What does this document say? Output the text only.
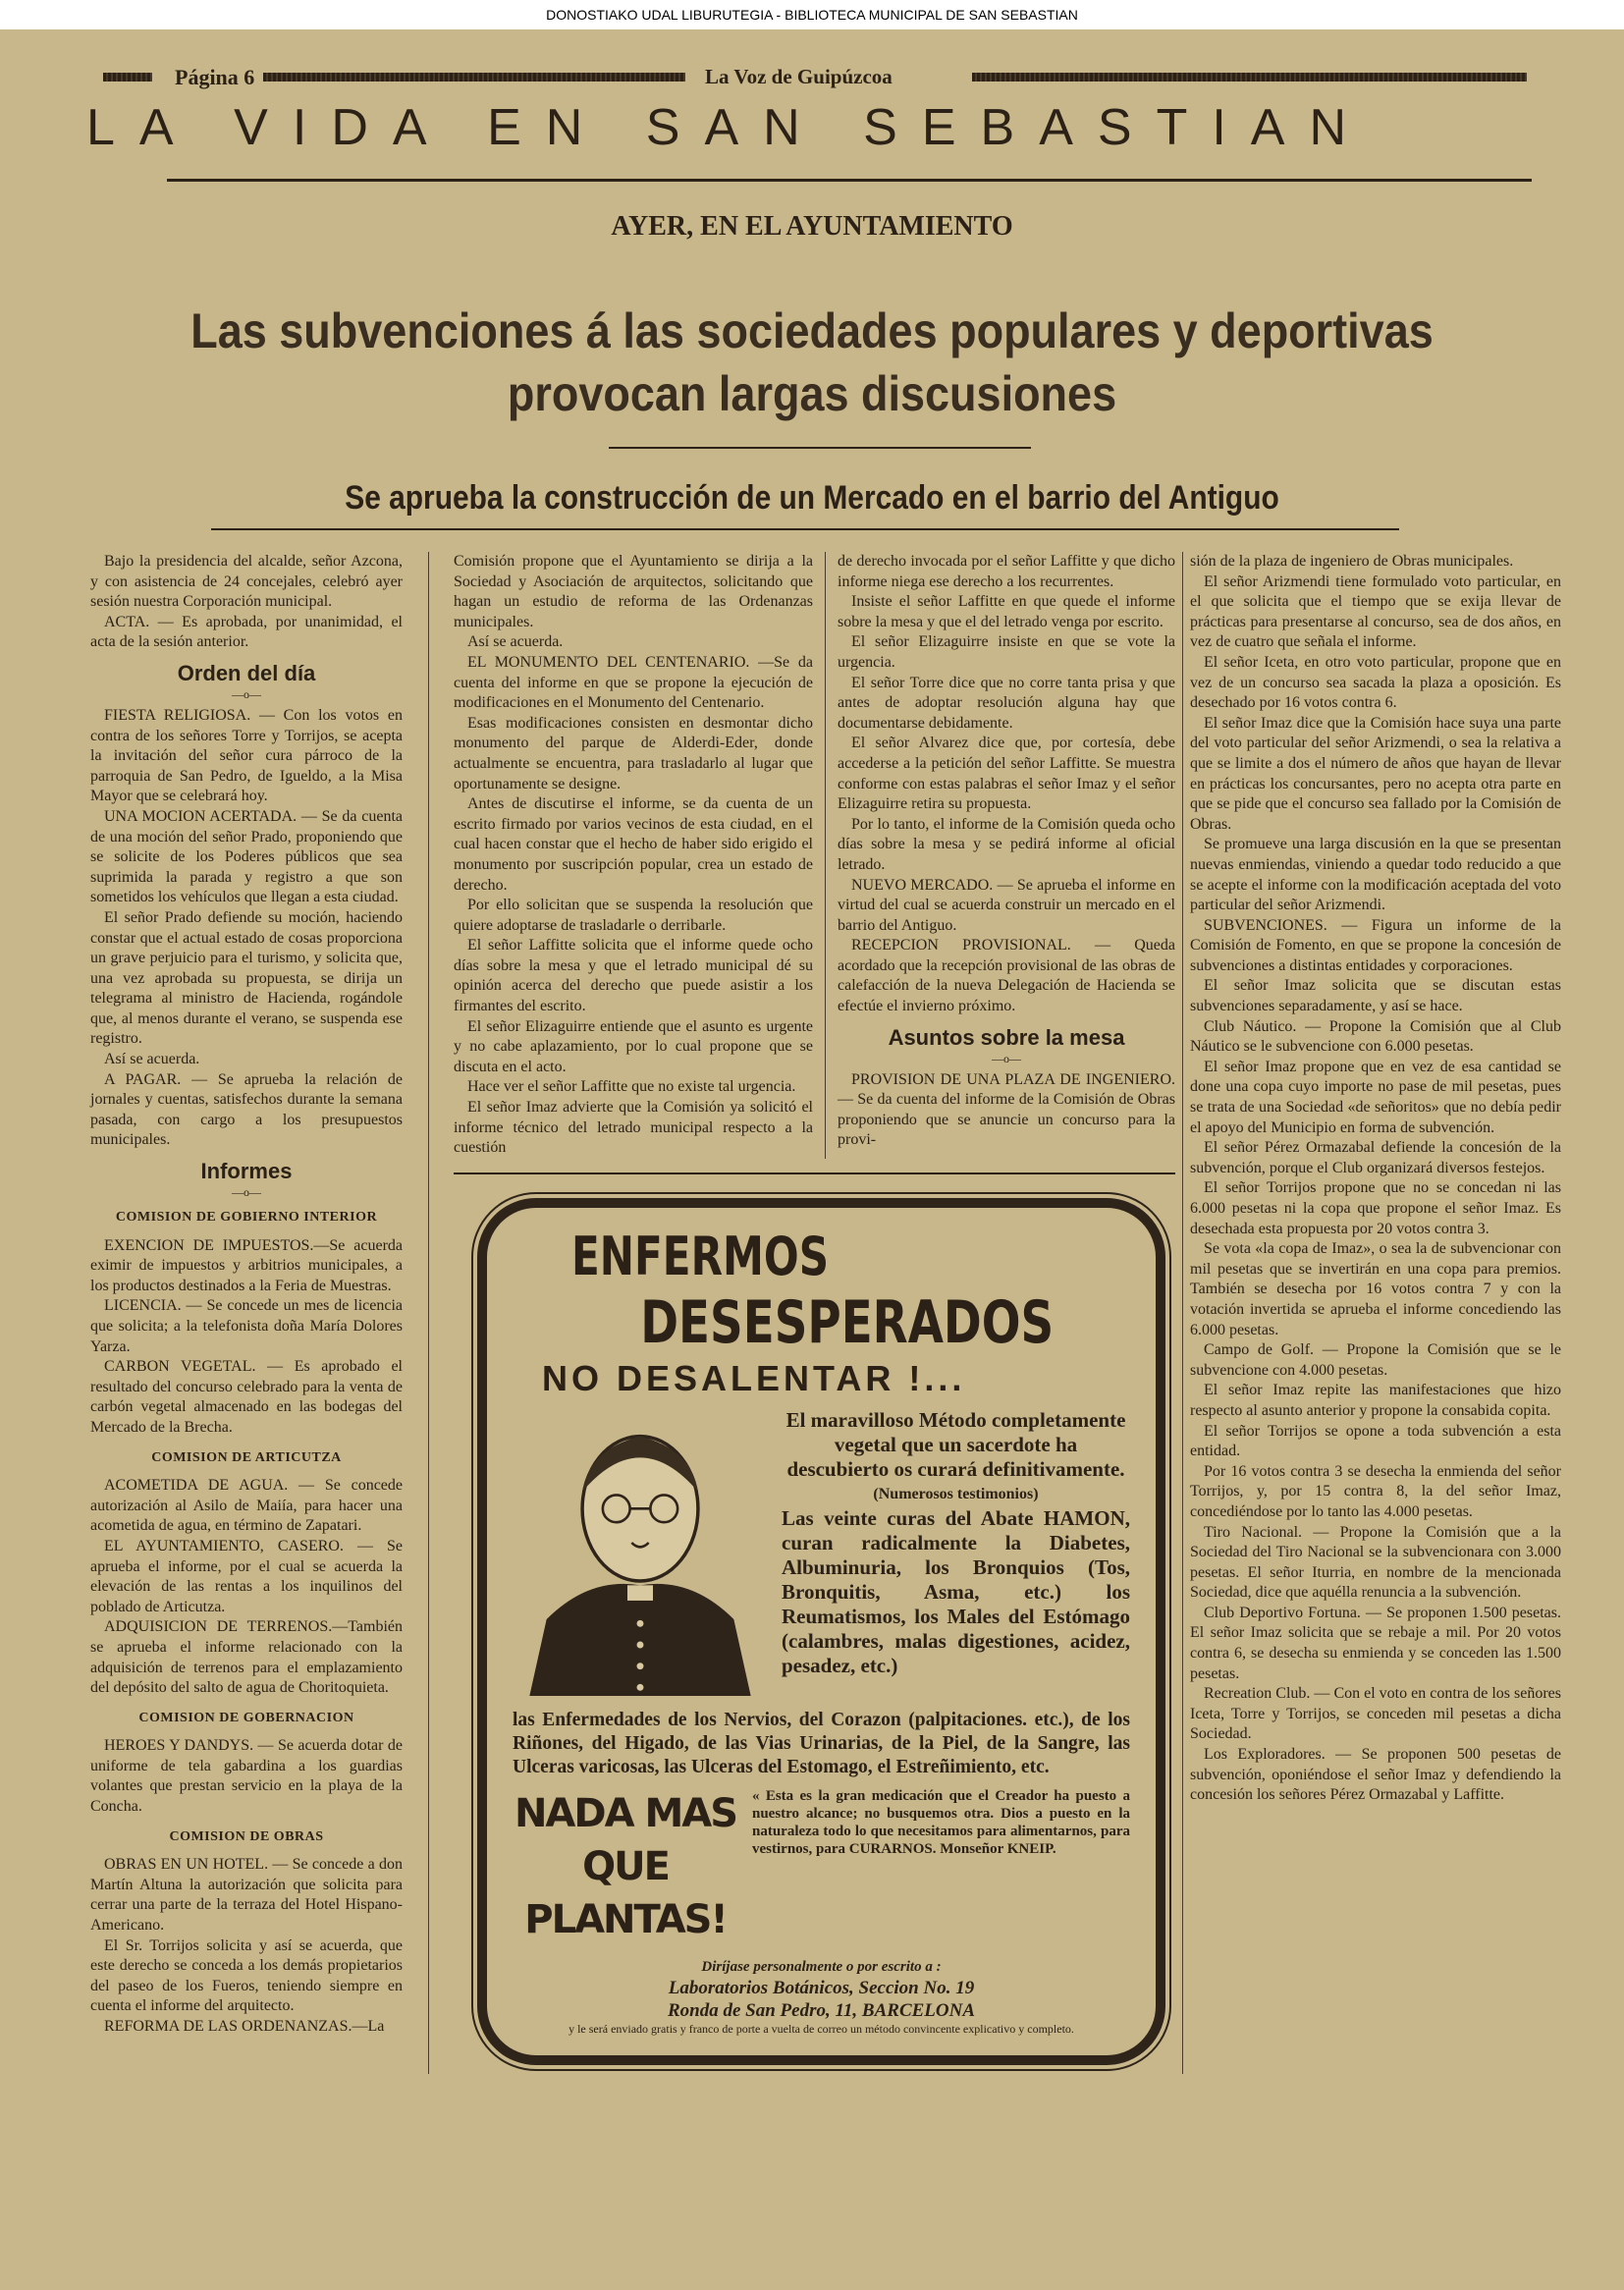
DONOSTIAKO UDAL LIBURUTEGIA - BIBLIOTECA MUNICIPAL DE SAN SEBASTIAN
Página 6	La Voz de Guipúzcoa
LA VIDA EN SAN SEBASTIAN
AYER, EN EL AYUNTAMIENTO
Las subvenciones á las sociedades populares y deportivas
provocan largas discusiones
Se aprueba la construcción de un Mercado en el barrio del Antiguo

Bajo la presidencia del alcalde, señor Azcona, y con asistencia de 24 concejales, celebró ayer sesión nuestra Corporación municipal.

ACTA. — Es aprobada, por unanimidad, el acta de la sesión anterior.

Orden del día
—o—

FIESTA RELIGIOSA. — Con los votos en contra de los señores Torre y Torrijos, se acepta la invitación del señor cura párroco de la parroquia de San Pedro, de Igueldo, a la Misa Mayor que se celebrará hoy.

UNA MOCION ACERTADA. — Se da cuenta de una moción del señor Prado, proponiendo que se solicite de los Poderes públicos que sea suprimida la parada y registro a que son sometidos los vehículos que llegan a esta ciudad.

El señor Prado defiende su moción, haciendo constar que el actual estado de cosas proporciona un grave perjuicio para el turismo, y solicita que, una vez aprobada su propuesta, se dirija un telegrama al ministro de Hacienda, rogándole que, al menos durante el verano, se suspenda ese registro.

Así se acuerda.

A PAGAR. — Se aprueba la relación de jornales y cuentas, satisfechos durante la semana pasada, con cargo a los presupuestos municipales.

Informes
—o—
COMISION DE GOBIERNO INTERIOR

EXENCION DE IMPUESTOS.—Se acuerda eximir de impuestos y arbitrios municipales, a los productos destinados a la Feria de Muestras.

LICENCIA. — Se concede un mes de licencia que solicita; a la telefonista doña María Dolores Yarza.

CARBON VEGETAL. — Es aprobado el resultado del concurso celebrado para la venta de carbón vegetal almacenado en las bodegas del Mercado de la Brecha.

COMISION DE ARTICUTZA

ACOMETIDA DE AGUA. — Se concede autorización al Asilo de Maiía, para hacer una acometida de agua, en término de Zapatari.

EL AYUNTAMIENTO, CASERO. — Se aprueba el informe, por el cual se acuerda la elevación de las rentas a los inquilinos del poblado de Articutza.

ADQUISICION DE TERRENOS.—También se aprueba el informe relacionado con la adquisición de terrenos para el emplazamiento del depósito del salto de agua de Choritoquieta.

COMISION DE GOBERNACION

HEROES Y DANDYS. — Se acuerda dotar de uniforme de tela gabardina a los guardias volantes que prestan servicio en la playa de la Concha.

COMISION DE OBRAS

OBRAS EN UN HOTEL. — Se concede a don Martín Altuna la autorización que solicita para cerrar una parte de la terraza del Hotel Hispano-Americano.

El Sr. Torrijos solicita y así se acuerda, que este derecho se conceda a los demás propietarios del paseo de los Fueros, teniendo siempre en cuenta el informe del arquitecto.

REFORMA DE LAS ORDENANZAS.—La

sión de la plaza de ingeniero de Obras municipales.

El señor Arizmendi tiene formulado voto particular, en el que solicita que el tiempo que se exija llevar de prácticas para presentarse al concurso, sea de dos años, en vez de cuatro que señala el informe.

El señor Iceta, en otro voto particular, propone que en vez de un concurso sea sacada la plaza a oposición. Es desechado por 16 votos contra 6.

El señor Imaz dice que la Comisión hace suya una parte del voto particular del señor Arizmendi, o sea la relativa a que se limite a dos el número de años que hayan de llevar en prácticas los concursantes, pero no acepta otra parte en que se pide que el concurso sea fallado por la Comisión de Obras.

Se promueve una larga discusión en la que se presentan nuevas enmiendas, viniendo a quedar todo reducido a que se acepte el informe con la modificación aceptada del voto particular del señor Arizmendi.

SUBVENCIONES. — Figura un informe de la Comisión de Fomento, en que se propone la concesión de subvenciones a distintas entidades y corporaciones.

El señor Imaz solicita que se discutan estas subvenciones separadamente, y así se hace.

Club Náutico. — Propone la Comisión que al Club Náutico se le subvencione con 6.000 pesetas.

El señor Imaz propone que en vez de esa cantidad se done una copa cuyo importe no pase de mil pesetas, pues se trata de una Sociedad «de señoritos» que no debía pedir el apoyo del Municipio en forma de subvención.

El señor Pérez Ormazabal defiende la concesión de la subvención, porque el Club organizará diversos festejos.

El señor Torrijos propone que no se concedan ni las 6.000 pesetas ni la copa que propone el señor Imaz. Es desechada esta propuesta por 20 votos contra 3.

Se vota «la copa de Imaz», o sea la de subvencionar con mil pesetas que se invertirán en una copa para premios. También se desecha por 16 votos contra 7 y con la votación invertida se aprueba el informe concediendo las 6.000 pesetas.

Campo de Golf. — Propone la Comisión que se le subvencione con 4.000 pesetas.

El señor Imaz repite las manifestaciones que hizo respecto al asunto anterior y propone la consabida copita.

El señor Torrijos se opone a toda subvención a esta entidad.

Por 16 votos contra 3 se desecha la enmienda del señor Torrijos, y, por 15 contra 8, la del señor Imaz, concediéndose por lo tanto las 4.000 pesetas.

Tiro Nacional. — Propone la Comisión que a la Sociedad del Tiro Nacional se la subvencionara con 3.000 pesetas. El señor Iturria, en nombre de la mencionada Sociedad, dice que aquélla renuncia a la subvención.

Club Deportivo Fortuna. — Se proponen 1.500 pesetas. El señor Imaz solicita que se rebaje a mil. Por 20 votos contra 6, se desecha su enmienda y se conceden las 1.500 pesetas.

Recreation Club. — Con el voto en contra de los señores Iceta, Torre y Torrijos, se conceden mil pesetas a dicha Sociedad.

Los Exploradores. — Se proponen 500 pesetas de subvención, oponiéndose el señor Imaz y defendiendo la concesión los señores Pérez Ormazabal y Laffitte.

Comisión propone que el Ayuntamiento se dirija a la Sociedad y Asociación de arquitectos, solicitando que hagan un estudio de reforma de las Ordenanzas municipales.

Así se acuerda.

EL MONUMENTO DEL CENTENARIO. —Se da cuenta del informe en que se propone la ejecución de modificaciones en el Monumento del Centenario.

Esas modificaciones consisten en desmontar dicho monumento del parque de Alderdi-Eder, donde actualmente se encuentra, para trasladarlo al lugar que oportunamente se designe.

Antes de discutirse el informe, se da cuenta de un escrito firmado por varios vecinos de esta ciudad, en el cual hacen constar que el hecho de haber sido erigido el monumento por suscripción popular, crea un estado de derecho.

Por ello solicitan que se suspenda la resolución que quiere adoptarse de trasladarle o derribarle.

El señor Laffitte solicita que el informe quede ocho días sobre la mesa y que el letrado municipal dé su opinión acerca del derecho que puede asistir a los firmantes del escrito.

El señor Elizaguirre entiende que el asunto es urgente y no cabe aplazamiento, por lo cual propone que se discuta en el acto.

Hace ver el señor Laffitte que no existe tal urgencia.

El señor Imaz advierte que la Comisión ya solicitó el informe técnico del letrado municipal respecto a la cuestión

de derecho invocada por el señor Laffitte y que dicho informe niega ese derecho a los recurrentes.

Insiste el señor Laffitte en que quede el informe sobre la mesa y que el del letrado venga por escrito.

El señor Elizaguirre insiste en que se vote la urgencia.

El señor Torre dice que no corre tanta prisa y que antes de adoptar resolución alguna hay que documentarse debidamente.

El señor Alvarez dice que, por cortesía, debe accederse a la petición del señor Laffitte. Se muestra conforme con estas palabras el señor Imaz y el señor Elizaguirre retira su propuesta.

Por lo tanto, el informe de la Comisión queda ocho días sobre la mesa y se pedirá informe al oficial letrado.

NUEVO MERCADO. — Se aprueba el informe en virtud del cual se acuerda construir un mercado en el barrio del Antiguo.

RECEPCION PROVISIONAL. — Queda acordado que la recepción provisional de las obras de calefacción de la nueva Delegación de Hacienda se efectúe el invierno próximo.

Asuntos sobre la mesa
—o—

PROVISION DE UNA PLAZA DE INGENIERO. — Se da cuenta del informe de la Comisión de Obras proponiendo que se anuncie un concurso para la provi-

ENFERMOS
DESESPERADOS
NO DESALENTAR !...
El maravilloso Método completamente vegetal que un sacerdote ha descubierto os curará definitivamente.
(Numerosos testimonios)
Las veinte curas del Abate HAMON, curan radicalmente la Diabetes, Albuminuria, los Bronquios (Tos, Bronquitis, Asma, etc.) los Reumatismos, los Males del Estómago (calambres, malas digestiones, acidez, pesadez, etc.)
las Enfermedades de los Nervios, del Corazon (palpitaciones. etc.), de los Riñones, del Higado, de las Vias Urinarias, de la Piel, de la Sangre, las Ulceras varicosas, las Ulceras del Estomago, el Estreñimiento, etc.
NADA MAS
QUE PLANTAS!
« Esta es la gran medicación que el Creador ha puesto a nuestro alcance; no busquemos otra. Dios a puesto en la naturaleza todo lo que necesitamos para alimentarnos, para vestirnos, para CURARNOS. Monseñor KNEIP.
Diríjase personalmente o por escrito a :
Laboratorios Botánicos, Seccion No. 19
Ronda de San Pedro, 11, BARCELONA
y le será enviado gratis y franco de porte a vuelta de correo un método convincente explicativo y completo.
